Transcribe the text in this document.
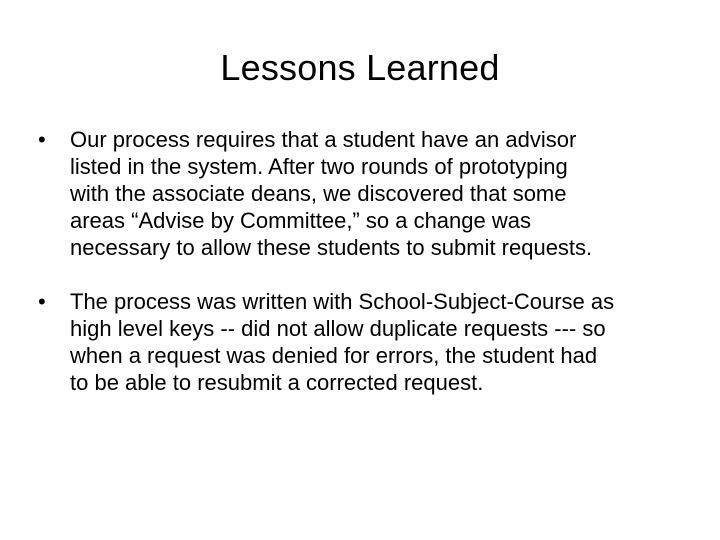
Lessons Learned
•	Our process requires that a student have an advisor
listed in the system. After two rounds of prototyping
with the associate deans, we discovered that some
areas “Advise by Committee,” so a change was
necessary to allow these students to submit requests.
•	The process was written with School-Subject-Course as
high level keys -- did not allow duplicate requests --- so
when a request was denied for errors, the student had
to be able to resubmit a corrected request.
